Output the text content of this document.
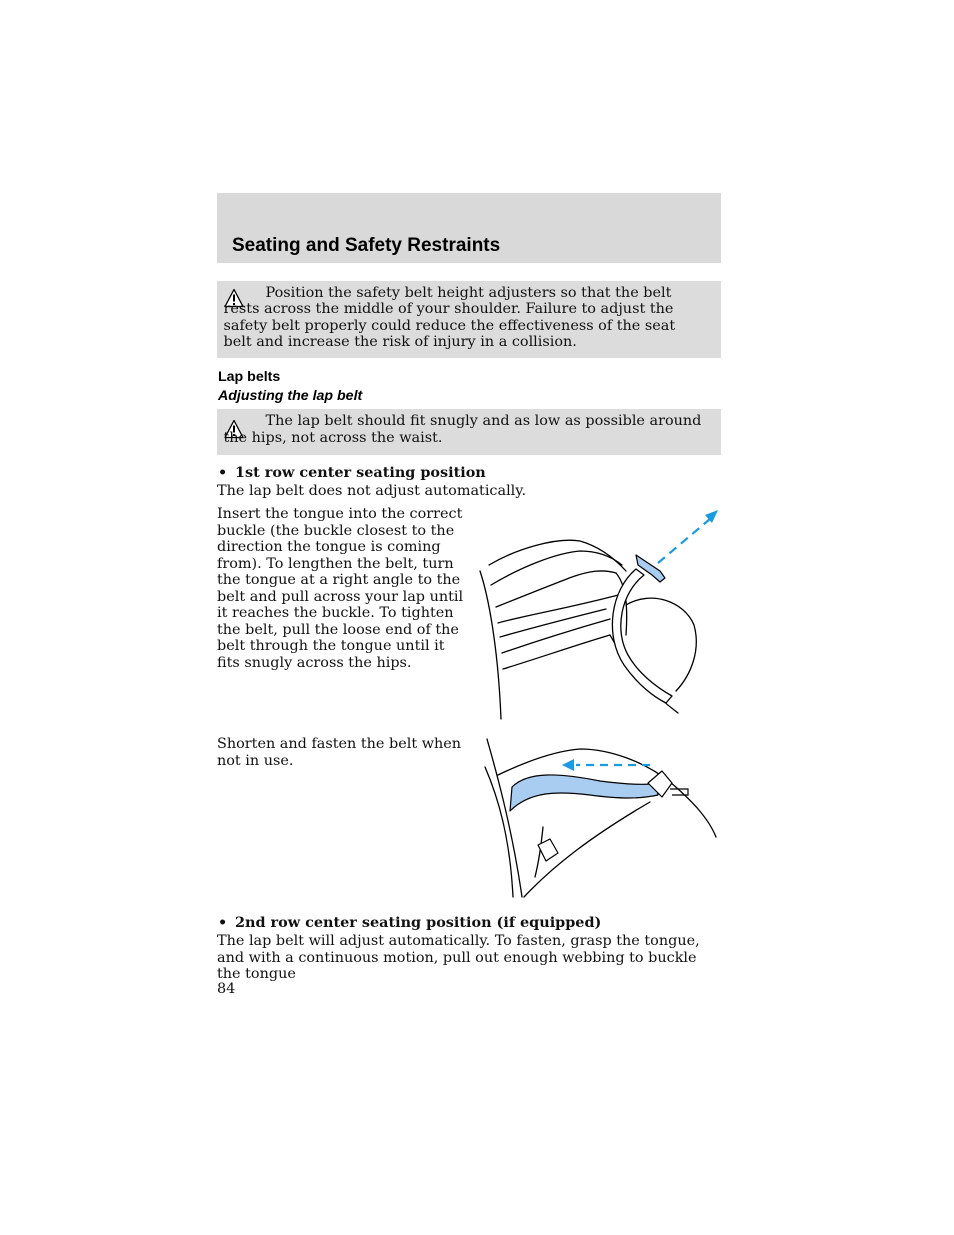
Seating and Safety Restraints

Position the safety belt height adjusters so that the belt rests across the middle of your shoulder. Failure to adjust the safety belt properly could reduce the effectiveness of the seat belt and increase the risk of injury in a collision.

Lap belts
Adjusting the lap belt

The lap belt should fit snugly and as low as possible around the hips, not across the waist.

• 1st row center seating position

The lap belt does not adjust automatically.

Insert the tongue into the correct buckle (the buckle closest to the direction the tongue is coming from). To lengthen the belt, turn the tongue at a right angle to the belt and pull across your lap until it reaches the buckle. To tighten the belt, pull the loose end of the belt through the tongue until it fits snugly across the hips.

Shorten and fasten the belt when not in use.

• 2nd row center seating position (if equipped)

The lap belt will adjust automatically. To fasten, grasp the tongue, and with a continuous motion, pull out enough webbing to buckle the tongue

84
